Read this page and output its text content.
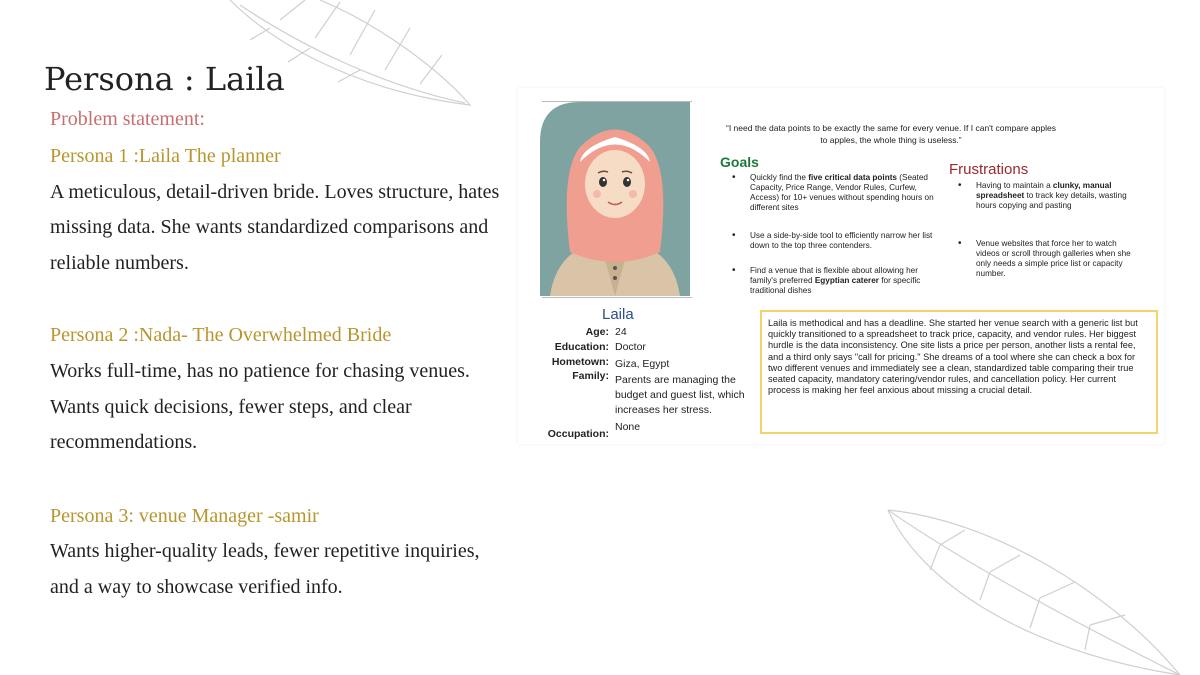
Persona : Laila
Problem statement:
Persona 1 :Laila The planner
A meticulous, detail-driven bride. Loves structure, hates
missing data. She wants standardized comparisons and
reliable numbers.
Persona 2 :Nada- The Overwhelmed Bride
Works full-time, has no patience for chasing venues.
Wants quick decisions, fewer steps, and clear
recommendations.
Persona 3: venue Manager -samir
Wants higher-quality leads, fewer repetitive inquiries,
and a way to showcase verified info.
“I need the data points to be exactly the same for every venue. If I can't compare apples to apples, the whole thing is useless.”
Goals
• Quickly find the five critical data points (Seated Capacity, Price Range, Vendor Rules, Curfew, Access) for 10+ venues without spending hours on different sites
• Use a side-by-side tool to efficiently narrow her list down to the top three contenders.
• Find a venue that is flexible about allowing her family's preferred Egyptian caterer for specific traditional dishes
Frustrations
• Having to maintain a clunky, manual spreadsheet to track key details, wasting hours copying and pasting
• Venue websites that force her to watch videos or scroll through galleries when she only needs a simple price list or capacity number.
Laila
Age: 24
Education: Doctor
Hometown: Giza, Egypt
Family: Parents are managing the
budget and guest list, which
increases her stress.
Occupation:
None
Laila is methodical and has a deadline. She started her venue search with a generic list but quickly transitioned to a spreadsheet to track price, capacity, and vendor rules. Her biggest hurdle is the data inconsistency. One site lists a price per person, another lists a rental fee, and a third only says "call for pricing." She dreams of a tool where she can check a box for two different venues and immediately see a clean, standardized table comparing their true seated capacity, mandatory catering/vendor rules, and cancellation policy. Her current process is making her feel anxious about missing a crucial detail.
